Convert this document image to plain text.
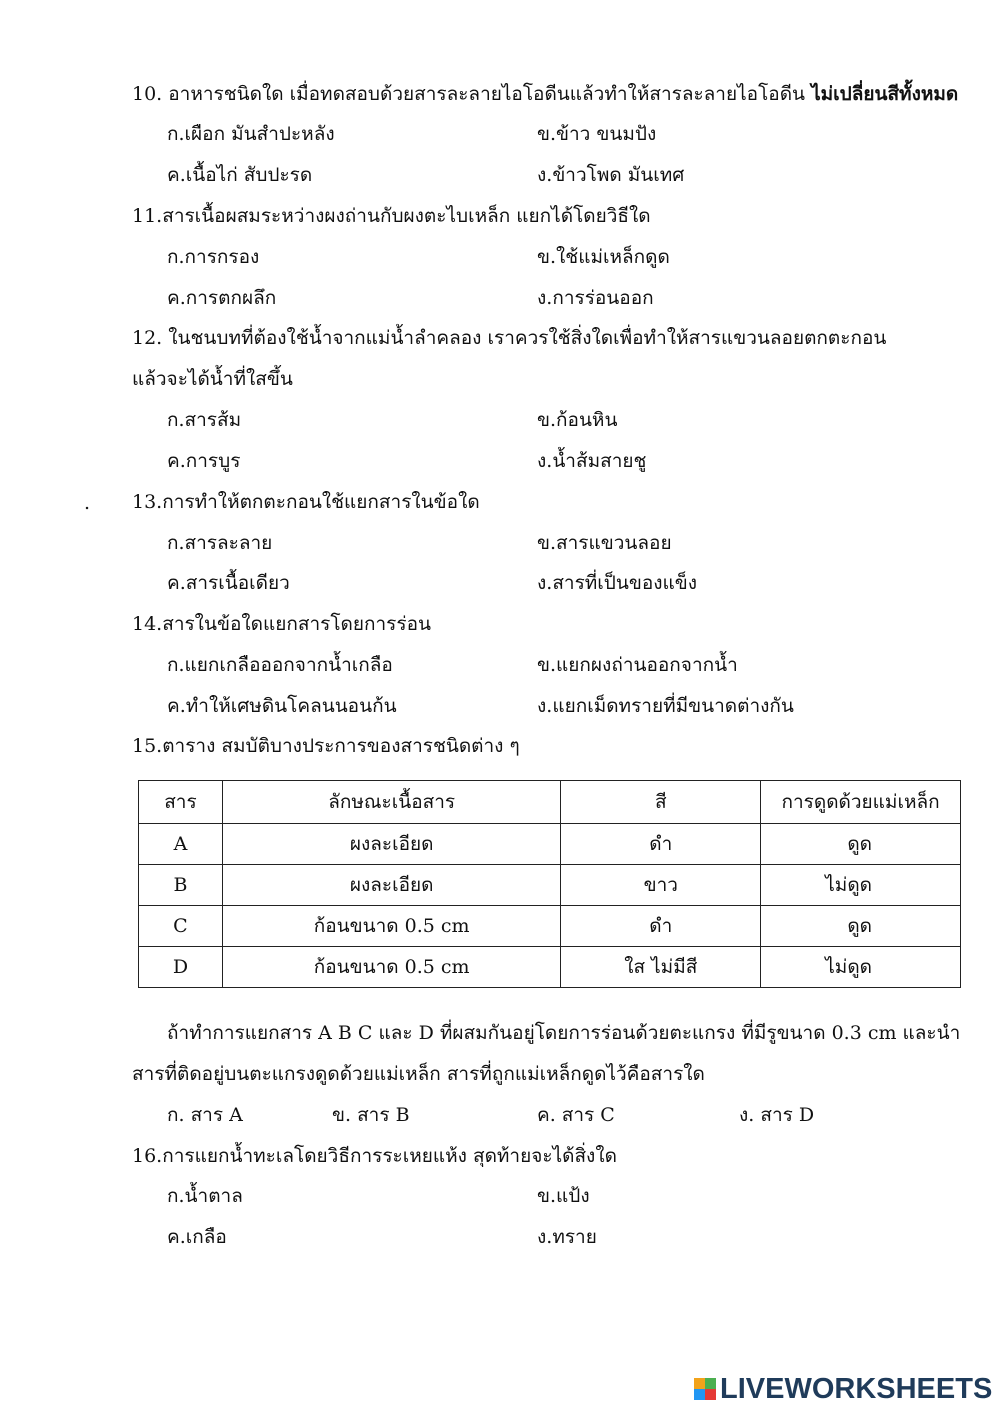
10. อาหารชนิดใด เมื่อทดสอบด้วยสารละลายไอโอดีนแล้วทำให้สารละลายไอโอดีน ไม่เปลี่ยนสีทั้งหมด
ก.เผือก มันสำปะหลัง	ข.ข้าว ขนมปัง
ค.เนื้อไก่ สับปะรด	ง.ข้าวโพด มันเทศ
11.สารเนื้อผสมระหว่างผงถ่านกับผงตะไบเหล็ก แยกได้โดยวิธีใด
ก.การกรอง	ข.ใช้แม่เหล็กดูด
ค.การตกผลึก	ง.การร่อนออก
12. ในชนบทที่ต้องใช้น้ำจากแม่น้ำลำคลอง เราควรใช้สิ่งใดเพื่อทำให้สารแขวนลอยตกตะกอน
แล้วจะได้น้ำที่ใสขึ้น
ก.สารส้ม	ข.ก้อนหิน
ค.การบูร	ง.น้ำส้มสายชู
. 13.การทำให้ตกตะกอนใช้แยกสารในข้อใด
ก.สารละลาย	ข.สารแขวนลอย
ค.สารเนื้อเดียว	ง.สารที่เป็นของแข็ง
14.สารในข้อใดแยกสารโดยการร่อน
ก.แยกเกลือออกจากน้ำเกลือ	ข.แยกผงถ่านออกจากน้ำ
ค.ทำให้เศษดินโคลนนอนก้น	ง.แยกเม็ดทรายที่มีขนาดต่างกัน
15.ตาราง สมบัติบางประการของสารชนิดต่าง ๆ
สาร	ลักษณะเนื้อสาร	สี	การดูดด้วยแม่เหล็ก
A	ผงละเอียด	ดำ	ดูด
B	ผงละเอียด	ขาว	ไม่ดูด
C	ก้อนขนาด 0.5 cm	ดำ	ดูด
D	ก้อนขนาด 0.5 cm	ใส ไม่มีสี	ไม่ดูด
ถ้าทำการแยกสาร A B C และ D ที่ผสมกันอยู่โดยการร่อนด้วยตะแกรง ที่มีรูขนาด 0.3 cm และนำ
สารที่ติดอยู่บนตะแกรงดูดด้วยแม่เหล็ก สารที่ถูกแม่เหล็กดูดไว้คือสารใด
ก. สาร A	ข. สาร B	ค. สาร C	ง. สาร D
16.การแยกน้ำทะเลโดยวิธีการระเหยแห้ง สุดท้ายจะได้สิ่งใด
ก.น้ำตาล	ข.แป้ง
ค.เกลือ	ง.ทราย
LIVEWORKSHEETS
